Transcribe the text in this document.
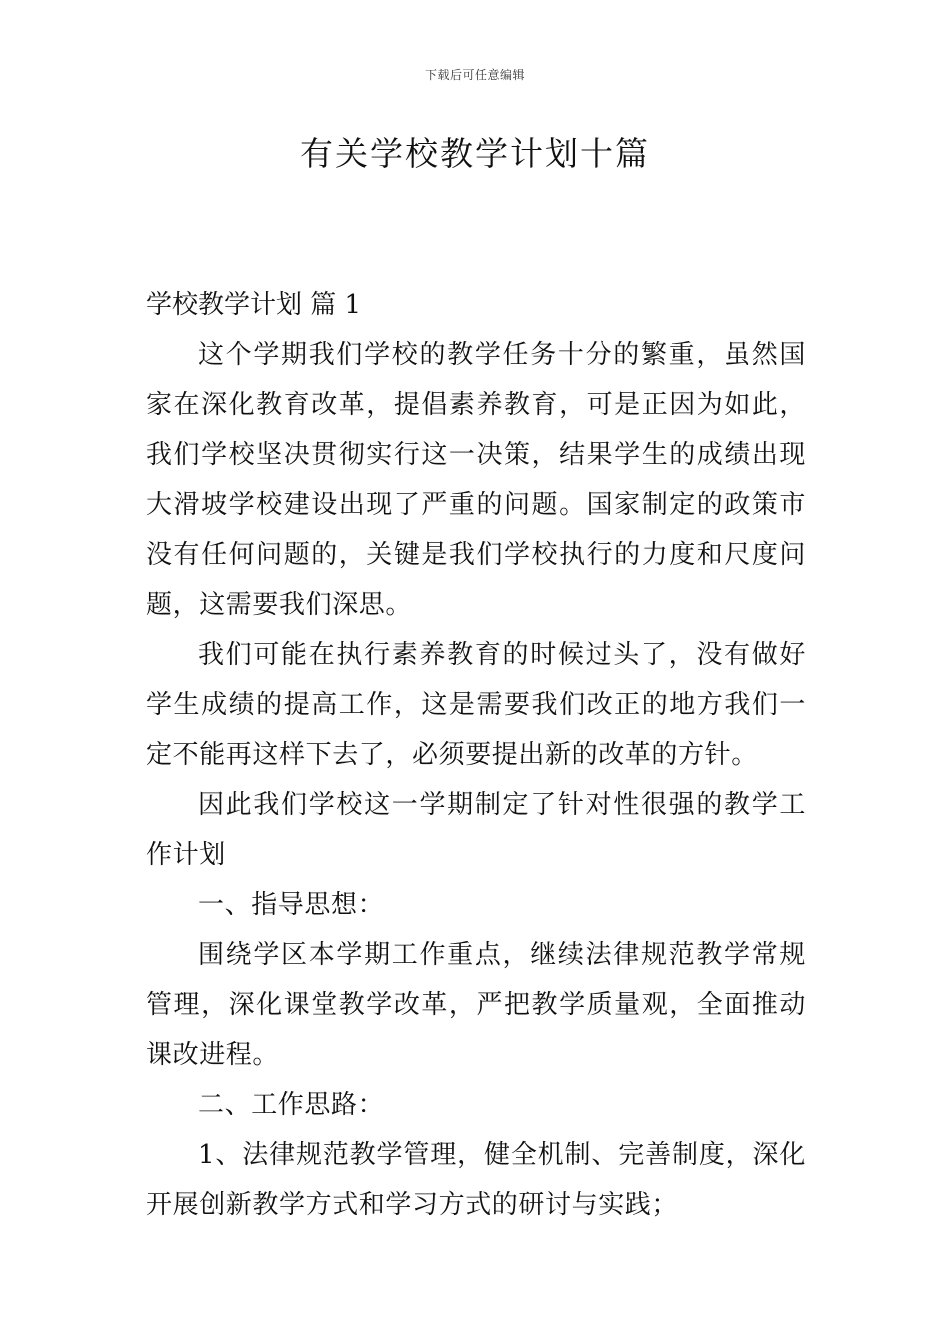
下载后可任意编辑
有关学校教学计划十篇

学校教学计划 篇 1

这个学期我们学校的教学任务十分的繁重，虽然国家在深化教育改革，提倡素养教育，可是正因为如此，我们学校坚决贯彻实行这一决策，结果学生的成绩出现大滑坡学校建设出现了严重的问题。国家制定的政策市没有任何问题的，关键是我们学校执行的力度和尺度问题，这需要我们深思。

我们可能在执行素养教育的时候过头了，没有做好学生成绩的提高工作，这是需要我们改正的地方我们一定不能再这样下去了，必须要提出新的改革的方针。

因此我们学校这一学期制定了针对性很强的教学工作计划

一、指导思想：

围绕学区本学期工作重点，继续法律规范教学常规管理，深化课堂教学改革，严把教学质量观，全面推动课改进程。

二、工作思路：

1、法律规范教学管理，健全机制、完善制度，深化开展创新教学方式和学习方式的研讨与实践；
